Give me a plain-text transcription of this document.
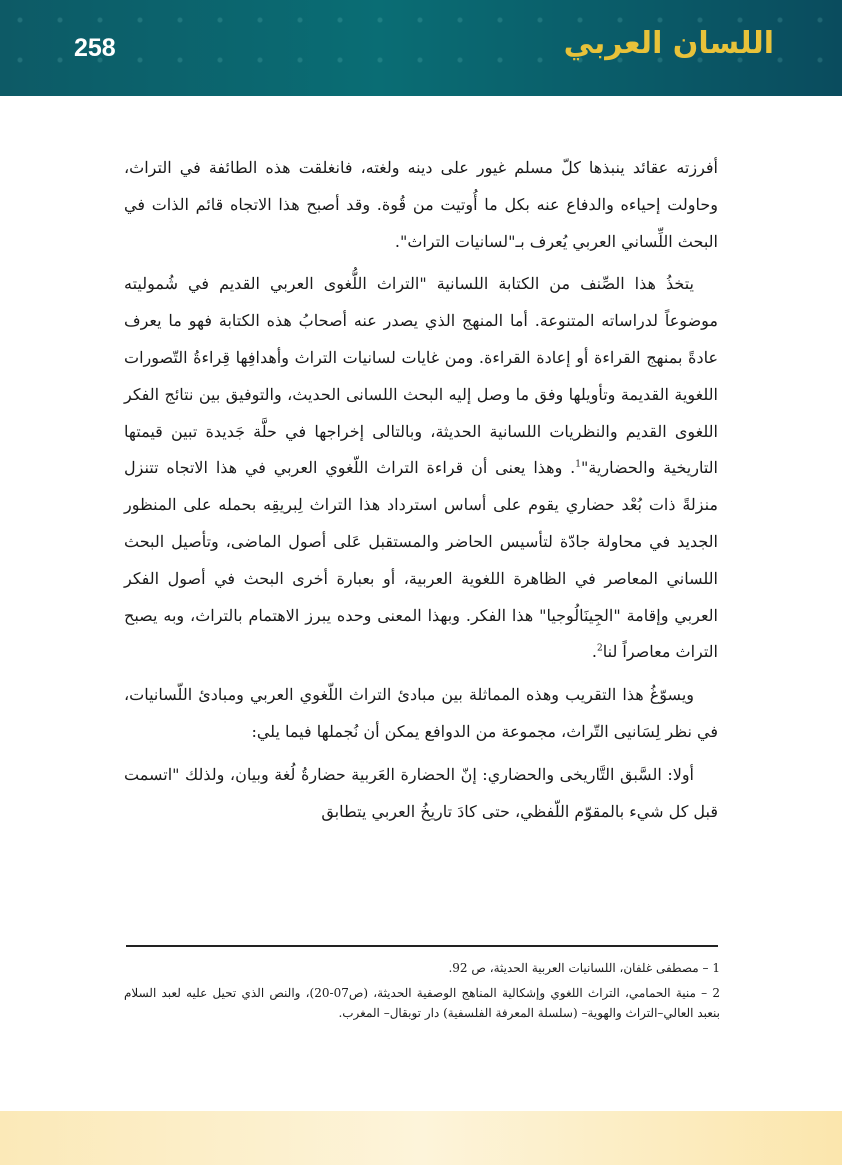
258	اللسان العربي

أفرزته عقائد ينبذها كلّ مسلم غيور على دينه ولغته، فانغلقت هذه الطائفة في التراث، وحاولت إحياءه والدفاع عنه بكل ما أُوتيت من قُوة. وقد أصبح هذا الاتجاه قائم الذات في البحث اللِّساني العربي يُعرف بـ"لسانيات التراث".

يتخذُ هذا الصِّنف من الكتابة اللسانية "التراث اللُّغوى العربي القديم في شُموليته موضوعاً لدراساته المتنوعة. أما المنهج الذي يصدر عنه أصحابُ هذه الكتابة فهو ما يعرف عادةً بمنهج القراءة أو إعادة القراءة. ومن غايات لسانيات التراث وأهدافِها قِراءةُ التّصورات اللغوية القديمة وتأويلها وفق ما وصل إليه البحث اللسانى الحديث، والتوفيق بين نتائج الفكر اللغوى القديم والنظريات اللسانية الحديثة، وبالتالى إخراجها في حلَّة جَديدة تبين قيمتها التاريخية والحضارية"$^1$. وهذا يعنى أن قراءة التراث اللّغوي العربي في هذا الاتجاه تتنزل منزلةً ذات بُعْد حضاري يقوم على أساس استرداد هذا التراث لِبريقِه بحمله على المنظور الجديد في محاولة جادّة لتأسيس الحاضر والمستقبل عَلى أصول الماضى، وتأصيل البحث اللساني المعاصر في الظاهرة اللغوية العربية، أو بعبارة أخرى البحث في أصول الفكر العربي وإقامة "الجِينَالُوجيا" هذا الفكر. وبهذا المعنى وحده يبرز الاهتمام بالتراث، وبه يصبح التراث معاصراً لنا$^2$.

ويسوّغُ هذا التقريب وهذه المماثلة بين مبادئ التراث اللّغوي العربي ومبادئ اللّسانيات، في نظر لِسَانيى التّراث، مجموعة من الدوافع يمكن أن نُجملها فيما يلي:

أولا: السَّبق التَّاريخى والحضاري: إنّ الحضارة العَربية حضارةُ لُغة وبيان، ولذلك "اتسمت قبل كل شيء بالمقوّم اللّفظي، حتى كادَ تاريخُ العربي يتطابق

1 – مصطفى غلفان، اللسانيات العربية الحديثة، ص 92.

2 – منية الحمامي، التراث اللغوي وإشكالية المناهج الوصفية الحديثة، (ص07-20)، والنص الذي تحيل عليه لعبد السلام بنعبد العالي–التراث والهوية– (سلسلة المعرفة الفلسفية) دار توبقال– المغرب.
